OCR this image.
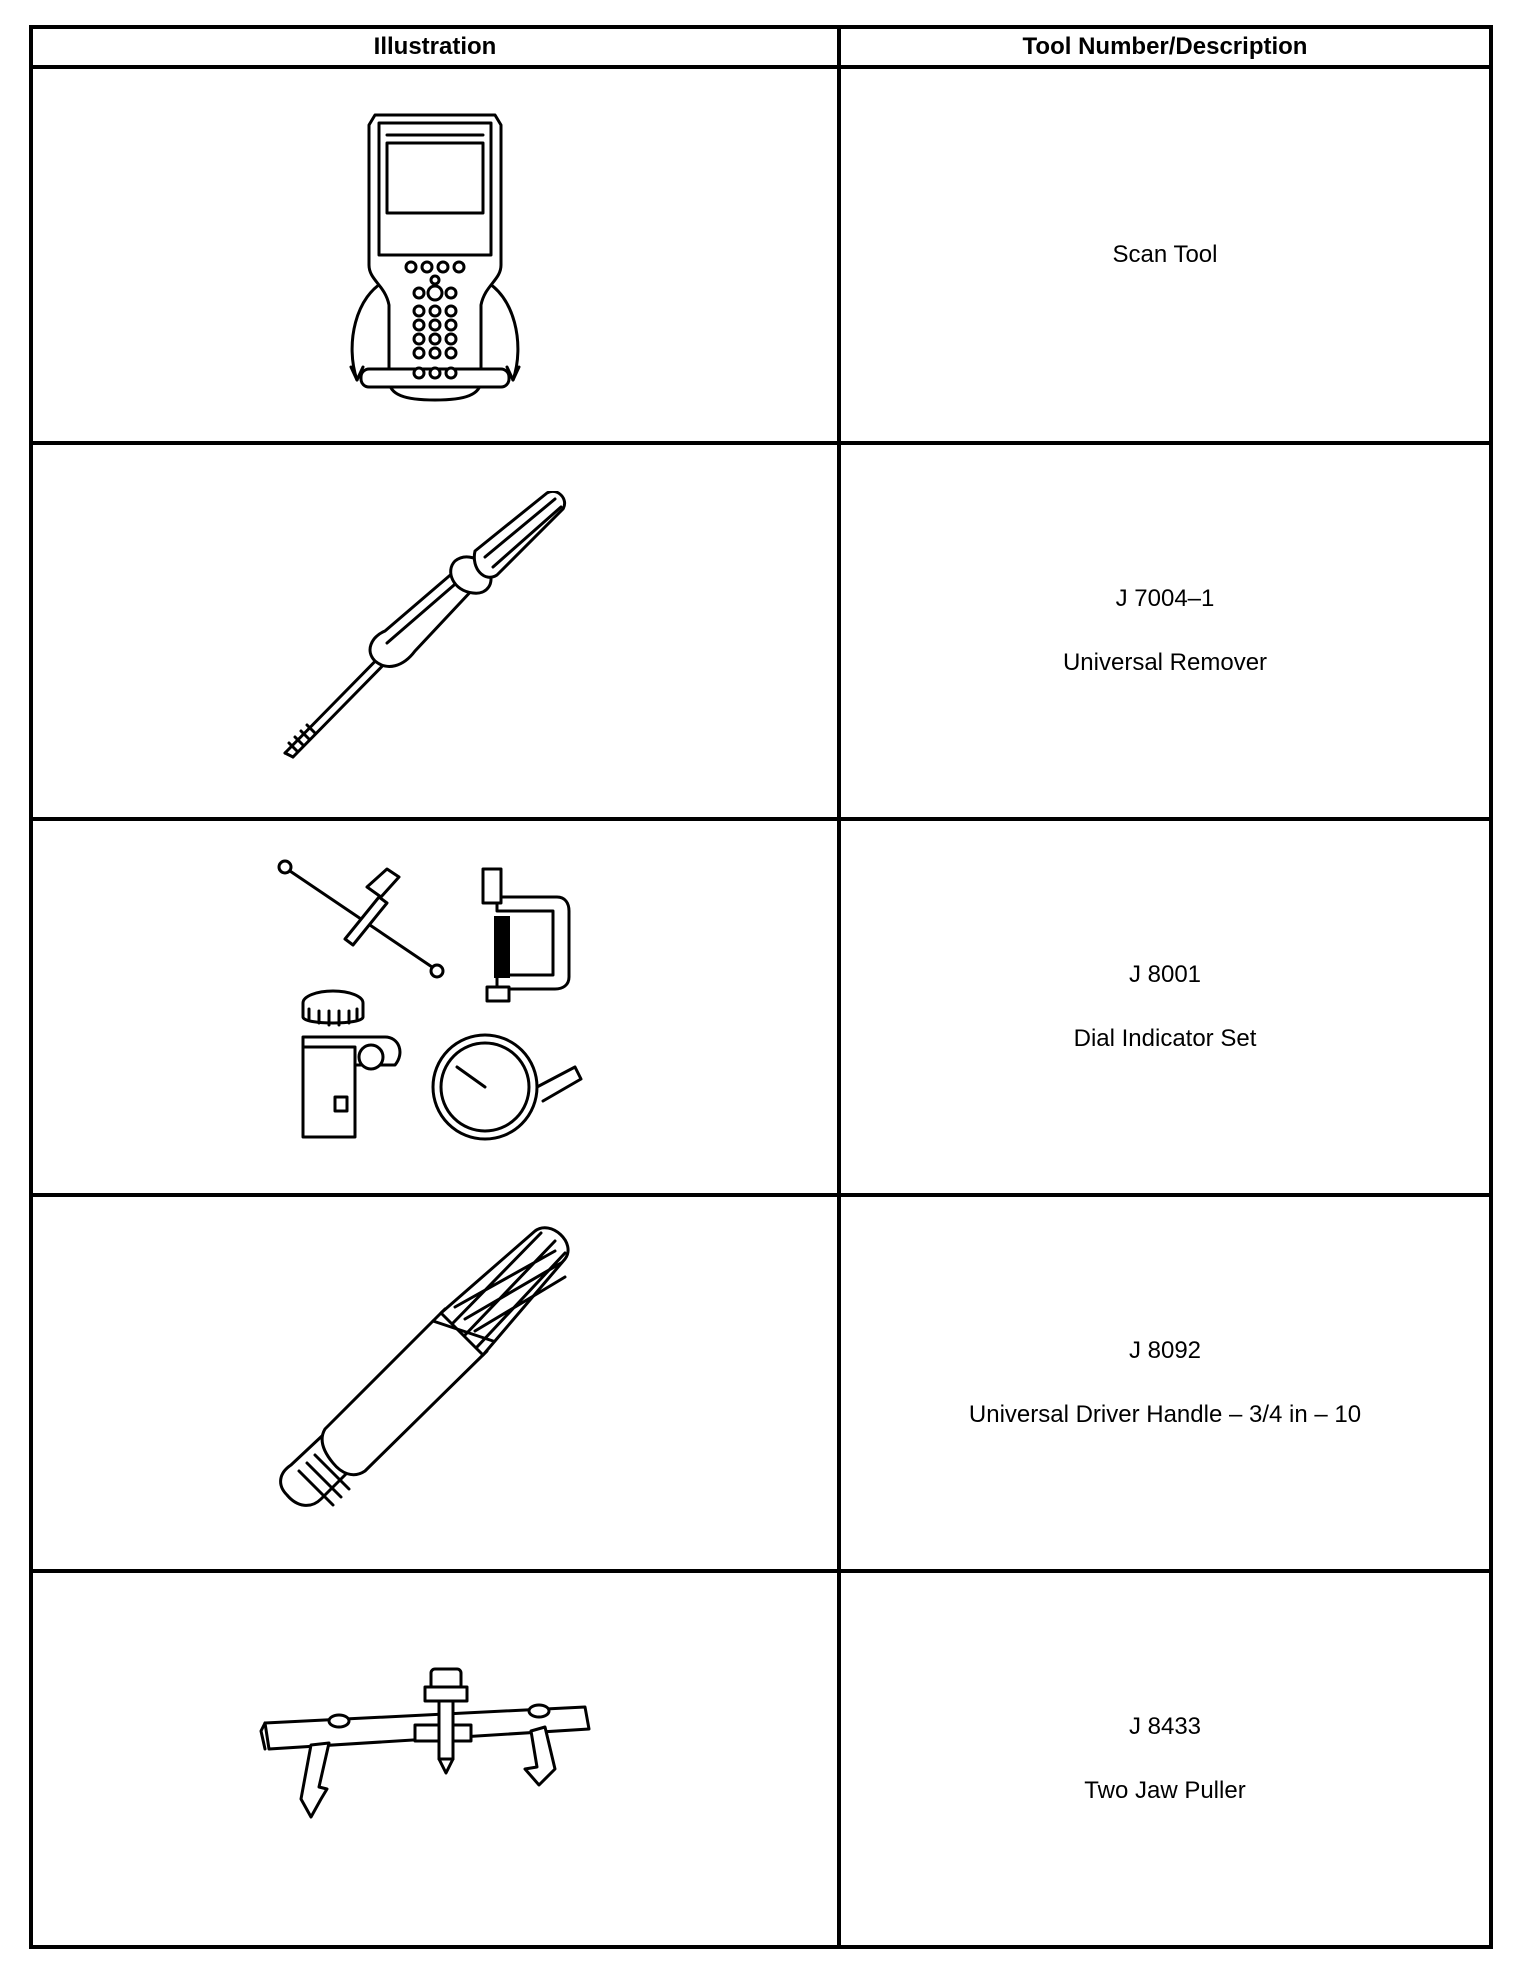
Illustration	Tool Number/Description

Scan Tool

J 7004–1
Universal Remover

J 8001
Dial Indicator Set

J 8092
Universal Driver Handle – 3/4 in – 10

J 8433
Two Jaw Puller
